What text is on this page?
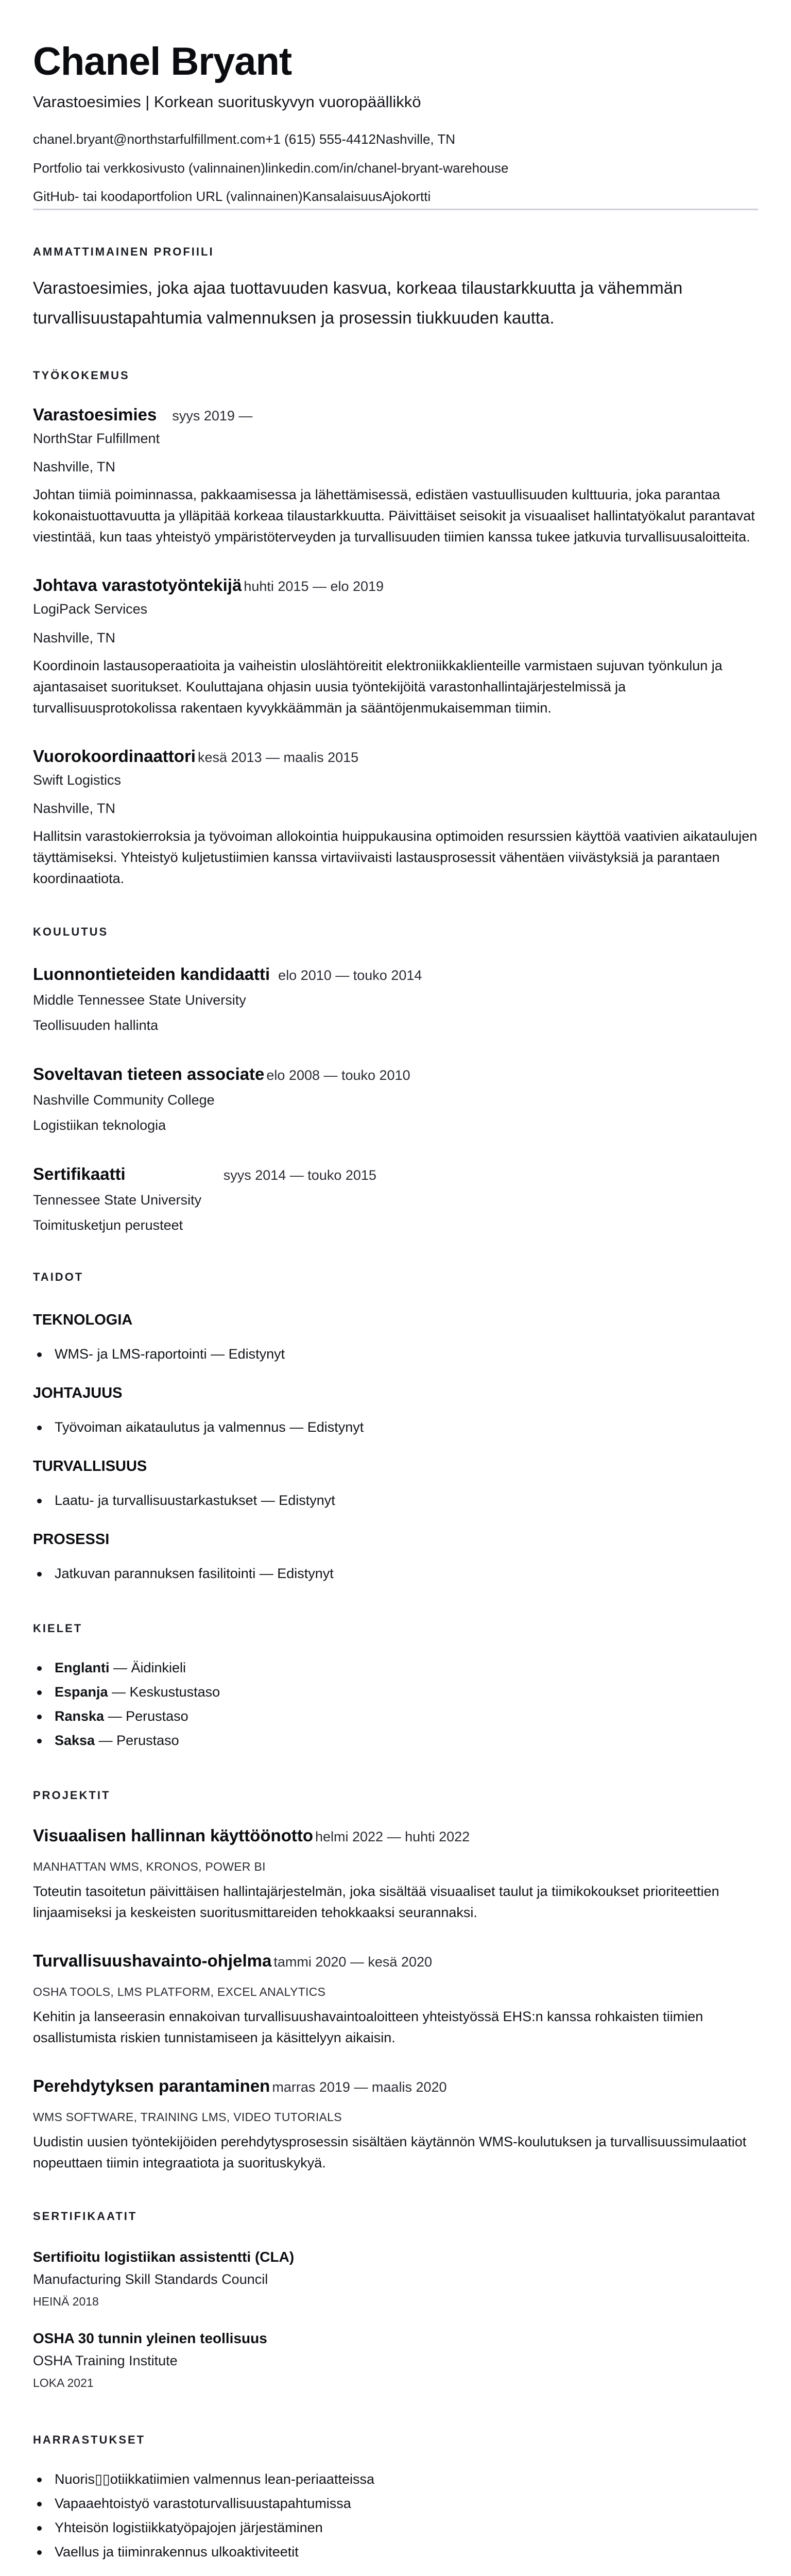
Chanel Bryant
Varastoesimies | Korkean suorituskyvyn vuoropäällikkö
chanel.bryant@northstarfulfillment.com+1 (615) 555-4412Nashville, TN
Portfolio tai verkkosivusto (valinnainen)linkedin.com/in/chanel-bryant-warehouse
GitHub- tai koodaportfolion URL (valinnainen)KansalaisuusAjokortti
AMMATTIMAINEN PROFIILI

Varastoesimies, joka ajaa tuottavuuden kasvua, korkeaa tilaustarkkuutta ja vähemmän turvallisuustapahtumia valmennuksen ja prosessin tiukkuuden kautta.

TYÖKOKEMUS
Varastoesimies syys 2019 —
NorthStar Fulfillment
Nashville, TN
Johtan tiimiä poiminnassa, pakkaamisessa ja lähettämisessä, edistäen vastuullisuuden kulttuuria, joka parantaa kokonaistuottavuutta ja ylläpitää korkeaa tilaustarkkuutta. Päivittäiset seisokit ja visuaaliset hallintatyökalut parantavat viestintää, kun taas yhteistyö ympäristöterveyden ja turvallisuuden tiimien kanssa tukee jatkuvia turvallisuusaloitteita.
Johtava varastotyöntekijä huhti 2015 — elo 2019
LogiPack Services
Nashville, TN
Koordinoin lastausoperaatioita ja vaiheistin uloslähtöreitit elektroniikkaklienteille varmistaen sujuvan työnkulun ja ajantasaiset suoritukset. Kouluttajana ohjasin uusia työntekijöitä varastonhallintajärjestelmissä ja turvallisuusprotokolissa rakentaen kyvykkäämmän ja sääntöjenmukaisemman tiimin.
Vuorokoordinaattori kesä 2013 — maalis 2015
Swift Logistics
Nashville, TN
Hallitsin varastokierroksia ja työvoiman allokointia huippukausina optimoiden resurssien käyttöä vaativien aikataulujen täyttämiseksi. Yhteistyö kuljetustiimien kanssa virtaviivaisti lastausprosessit vähentäen viivästyksiä ja parantaen koordinaatiota.
KOULUTUS
Luonnontieteiden kandidaatti elo 2010 — touko 2014
Middle Tennessee State University
Teollisuuden hallinta
Soveltavan tieteen associate elo 2008 — touko 2010
Nashville Community College
Logistiikan teknologia
Sertifikaatti	syys 2014 — touko 2015
Tennessee State University
Toimitusketjun perusteet
TAIDOT
TEKNOLOGIA
WMS- ja LMS-raportointi — Edistynyt
JOHTAJUUS
Työvoiman aikataulutus ja valmennus — Edistynyt
TURVALLISUUS
Laatu- ja turvallisuustarkastukset — Edistynyt
PROSESSI
Jatkuvan parannuksen fasilitointi — Edistynyt
KIELET
Englanti — Äidinkieli
Espanja — Keskustustaso
Ranska — Perustaso
Saksa — Perustaso
PROJEKTIT
Visuaalisen hallinnan käyttöönotto helmi 2022 — huhti 2022
MANHATTAN WMS, KRONOS, POWER BI
Toteutin tasoitetun päivittäisen hallintajärjestelmän, joka sisältää visuaaliset taulut ja tiimikokoukset prioriteettien linjaamiseksi ja keskeisten suoritusmittareiden tehokkaaksi seurannaksi.
Turvallisuushavainto-ohjelma tammi 2020 — kesä 2020
OSHA TOOLS, LMS PLATFORM, EXCEL ANALYTICS
Kehitin ja lanseerasin ennakoivan turvallisuushavaintoaloitteen yhteistyössä EHS:n kanssa rohkaisten tiimien osallistumista riskien tunnistamiseen ja käsittelyyn aikaisin.
Perehdytyksen parantaminen marras 2019 — maalis 2020
WMS SOFTWARE, TRAINING LMS, VIDEO TUTORIALS
Uudistin uusien työntekijöiden perehdytysprosessin sisältäen käytännön WMS-koulutuksen ja turvallisuussimulaatiot nopeuttaen tiimin integraatiota ja suorituskykyä.
SERTIFIKAATIT
Sertifioitu logistiikan assistentti (CLA)
Manufacturing Skill Standards Council
HEINÄ 2018
OSHA 30 tunnin yleinen teollisuus
OSHA Training Institute
LOKA 2021
HARRASTUKSET
Nuoris▯▯otiikkatiimien valmennus lean-periaatteissa
Vapaaehtoistyö varastoturvallisuustapahtumissa
Yhteisön logistiikkatyöpajojen järjestäminen
Vaellus ja tiiminrakennus ulkoaktiviteetit
